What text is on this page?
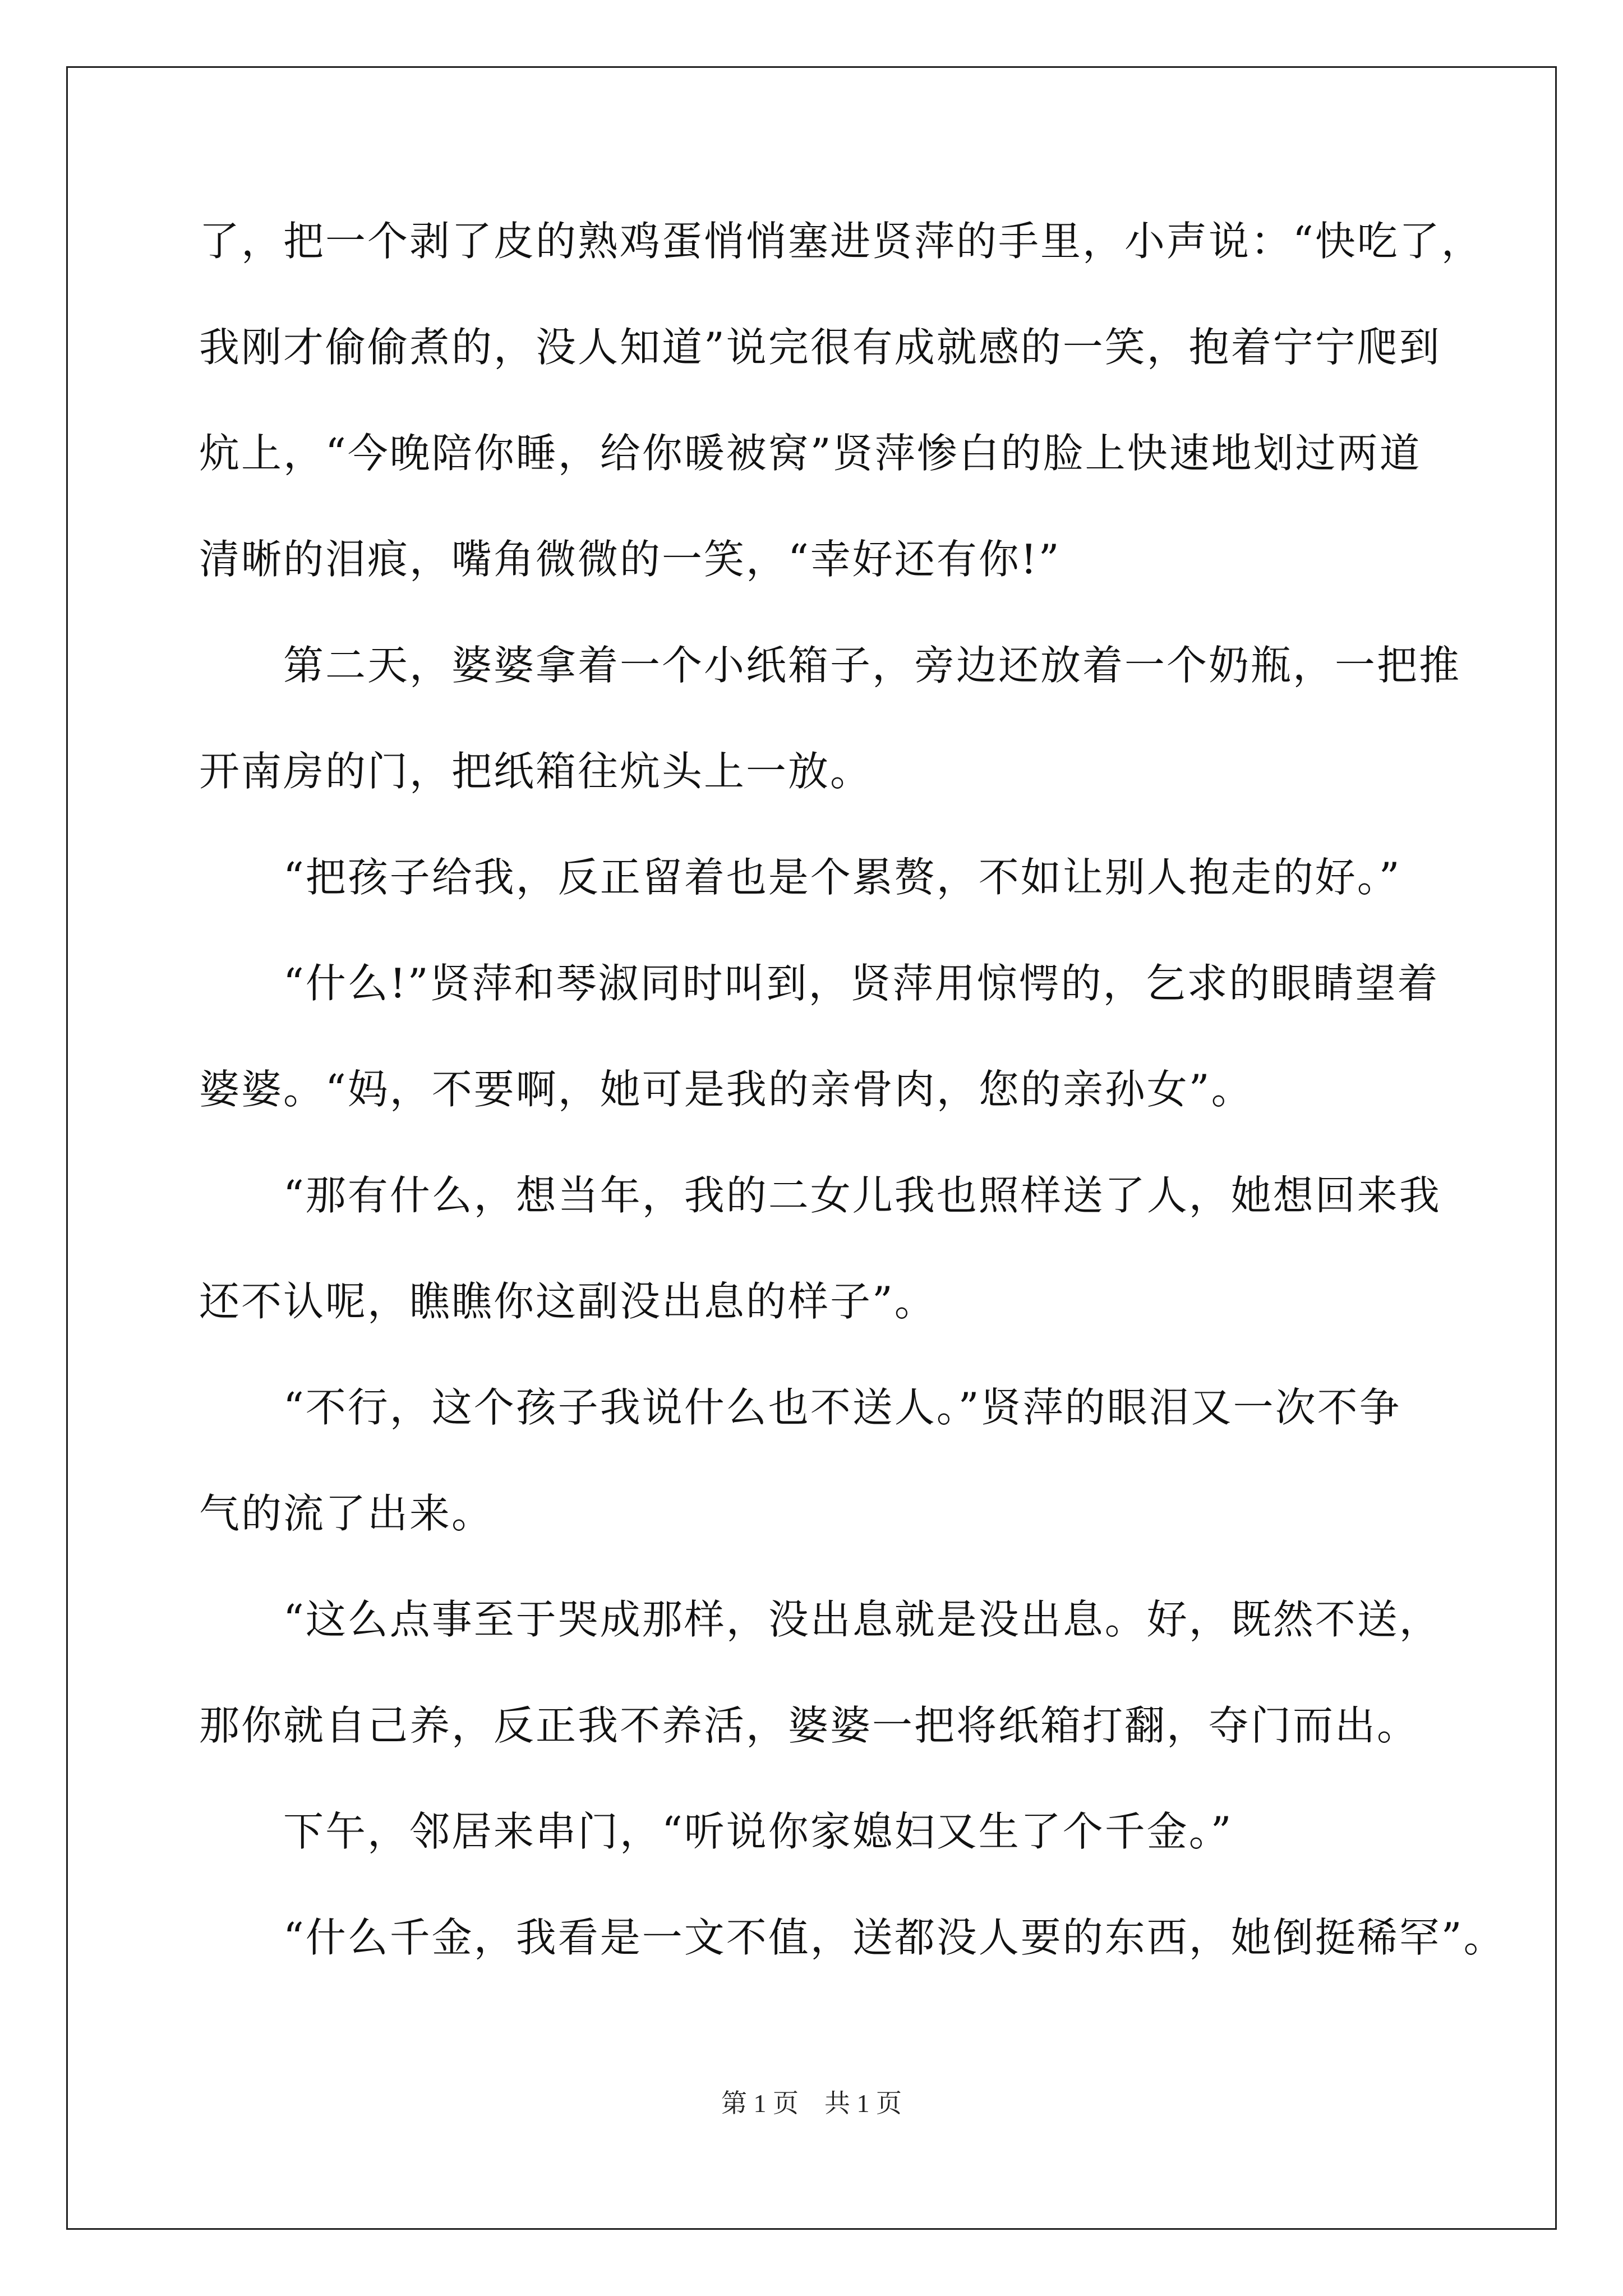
了，把一个剥了皮的熟鸡蛋悄悄塞进贤萍的手里，小声说：“快吃了，
我刚才偷偷煮的，没人知道”说完很有成就感的一笑，抱着宁宁爬到
炕上，“今晚陪你睡，给你暖被窝”贤萍惨白的脸上快速地划过两道
清晰的泪痕，嘴角微微的一笑，“幸好还有你!”
　　第二天，婆婆拿着一个小纸箱子，旁边还放着一个奶瓶，一把推
开南房的门，把纸箱往炕头上一放。
　　“把孩子给我，反正留着也是个累赘，不如让别人抱走的好。”
　　“什么!”贤萍和琴淑同时叫到，贤萍用惊愕的，乞求的眼睛望着
婆婆。“妈，不要啊，她可是我的亲骨肉，您的亲孙女”。
　　“那有什么，想当年，我的二女儿我也照样送了人，她想回来我
还不认呢，瞧瞧你这副没出息的样子”。
　　“不行，这个孩子我说什么也不送人。”贤萍的眼泪又一次不争
气的流了出来。
　　“这么点事至于哭成那样，没出息就是没出息。好，既然不送，
那你就自己养，反正我不养活，婆婆一把将纸箱打翻，夺门而出。
　　下午，邻居来串门，“听说你家媳妇又生了个千金。”
　　“什么千金，我看是一文不值，送都没人要的东西，她倒挺稀罕”。
第 1 页　共 1 页
